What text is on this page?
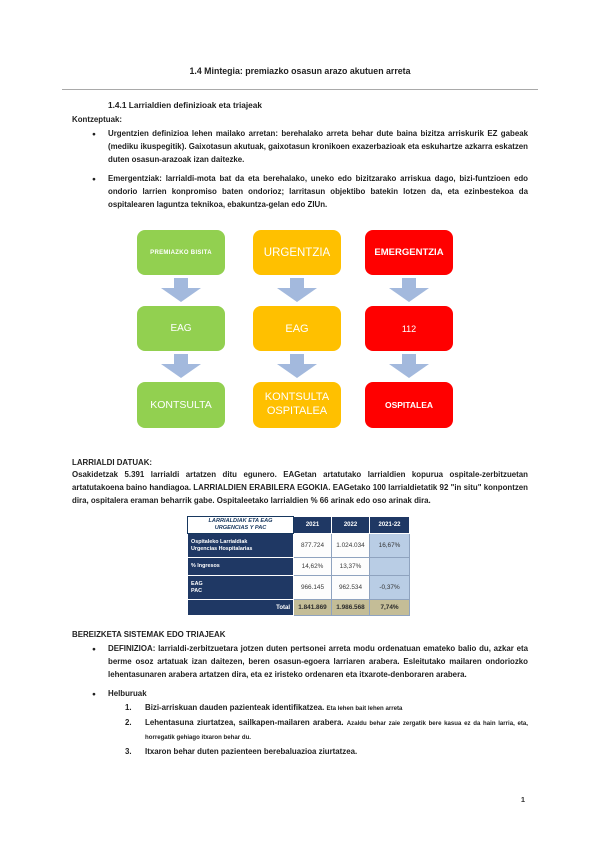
1.4 Mintegia: premiazko osasun arazo akutuen arreta
1.4.1 Larrialdien definizioak eta triajeak
Kontzeptuak:
● Urgentzien definizioa lehen mailako arretan: berehalako arreta behar dute baina bizitza arriskurik EZ gabeak (mediku ikuspegitik). Gaixotasun akutuak, gaixotasun kronikoen exazerbazioak eta eskuhartze azkarra eskatzen duten osasun-arazoak izan daitezke.
● Emergentziak: larrialdi-mota bat da eta berehalako, uneko edo bizitzarako arriskua dago, bizi-funtzioen edo ondorio larrien konpromiso baten ondorioz; larritasun objektibo batekin lotzen da, eta ezinbestekoa da ospitalearen laguntza teknikoa, ebakuntza-gelan edo ZIUn.
PREMIAZKO BISITA
EAG
KONTSULTA
URGENTZIA
EAG
KONTSULTA OSPITALEA
EMERGENTZIA
112
OSPITALEA
LARRIALDI DATUAK:
Osakidetzak 5.391 larrialdi artatzen ditu egunero. EAGetan artatutako larrialdien kopurua ospitale-zerbitzuetan artatutakoena baino handiagoa. LARRIALDIEN ERABILERA EGOKIA. EAGetako 100 larrialdietatik 92 "in situ" konpontzen dira, ospitalera eraman beharrik gabe. Ospitaleetako larrialdien % 66 arinak edo oso arinak dira.
LARRIALDIAK ETA EAG
URGENCIAS Y PAC	2021	2022	2021-22

Ospitaleko Larrialdiak
Urgencias Hospitalarias	877.724	1.024.034	16,67%

% Ingresos	14,62%	13,37%	

EAG
PAC	966.145	962.534	-0,37%
Total	1.841.869	1.986.568	7,74%
BEREIZKETA SISTEMAK EDO TRIAJEAK
● DEFINIZIOA: larrialdi-zerbitzuetara jotzen duten pertsonei arreta modu ordenatuan emateko balio du, azkar eta berme osoz artatuak izan daitezen, beren osasun-egoera larriaren arabera. Esleitutako mailaren ondoriozko lehentasunaren arabera artatzen dira, eta ez iristeko ordenaren eta itxarote-denboraren arabera.
● Helburuak
1. Bizi-arriskuan dauden pazienteak identifikatzea. Eta lehen bait lehen arreta
2. Lehentasuna ziurtatzea, sailkapen-mailaren arabera. Azaldu behar zaie zergatik bere kasua ez da hain larria, eta, horregatik gehiago itxaron behar du.
3. Itxaron behar duten pazienteen berebaluazioa ziurtatzea.
1
